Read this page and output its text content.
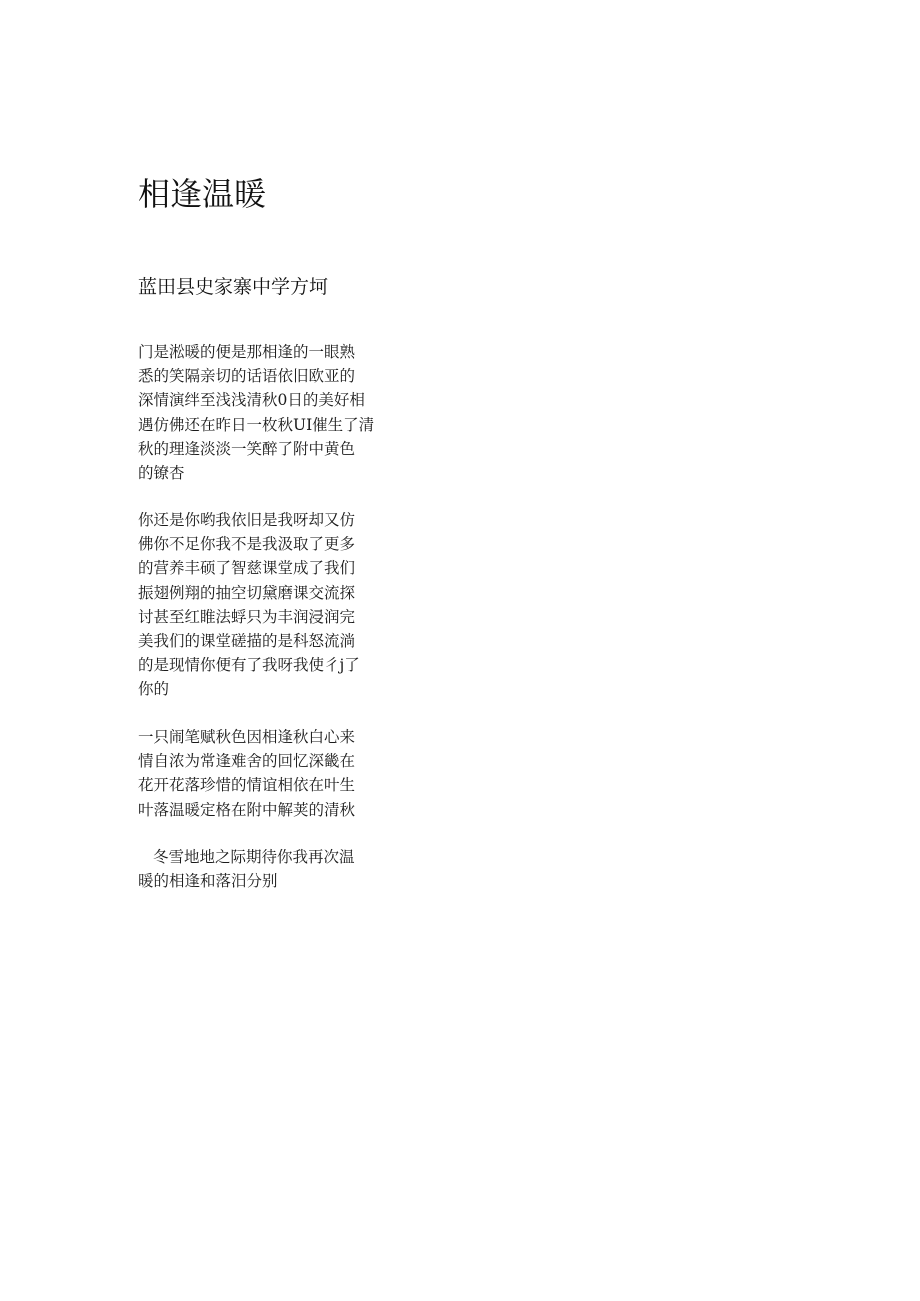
相逢温暖
蓝田县史家寨中学方坷
门是淞暖的便是那相逢的一眼熟
悉的笑隔亲切的话语依旧欧亚的
深情演绊至浅浅清秋0日的美好相
遇仿佛还在昨日一枚秋UI催生了清
秋的理逢淡淡一笑醉了附中黄色
的镣杏
你还是你哟我依旧是我呀却又仿
佛你不足你我不是我汲取了更多
的营养丰硕了智慈课堂成了我们
振翅例翔的抽空切黛磨课交流探
讨甚至红睢法蜉只为丰润浸润完
美我们的课堂磋描的是科怒流淌
的是现情你便有了我呀我使彳j了
你的
一只闹笔赋秋色因相逢秋白心来
情自浓为常逢难舍的回忆深畿在
花开花落珍惜的情谊相依在叶生
叶落温暖定格在附中解荚的清秋
冬雪地地之际期待你我再次温
暖的相逢和落汨分别
